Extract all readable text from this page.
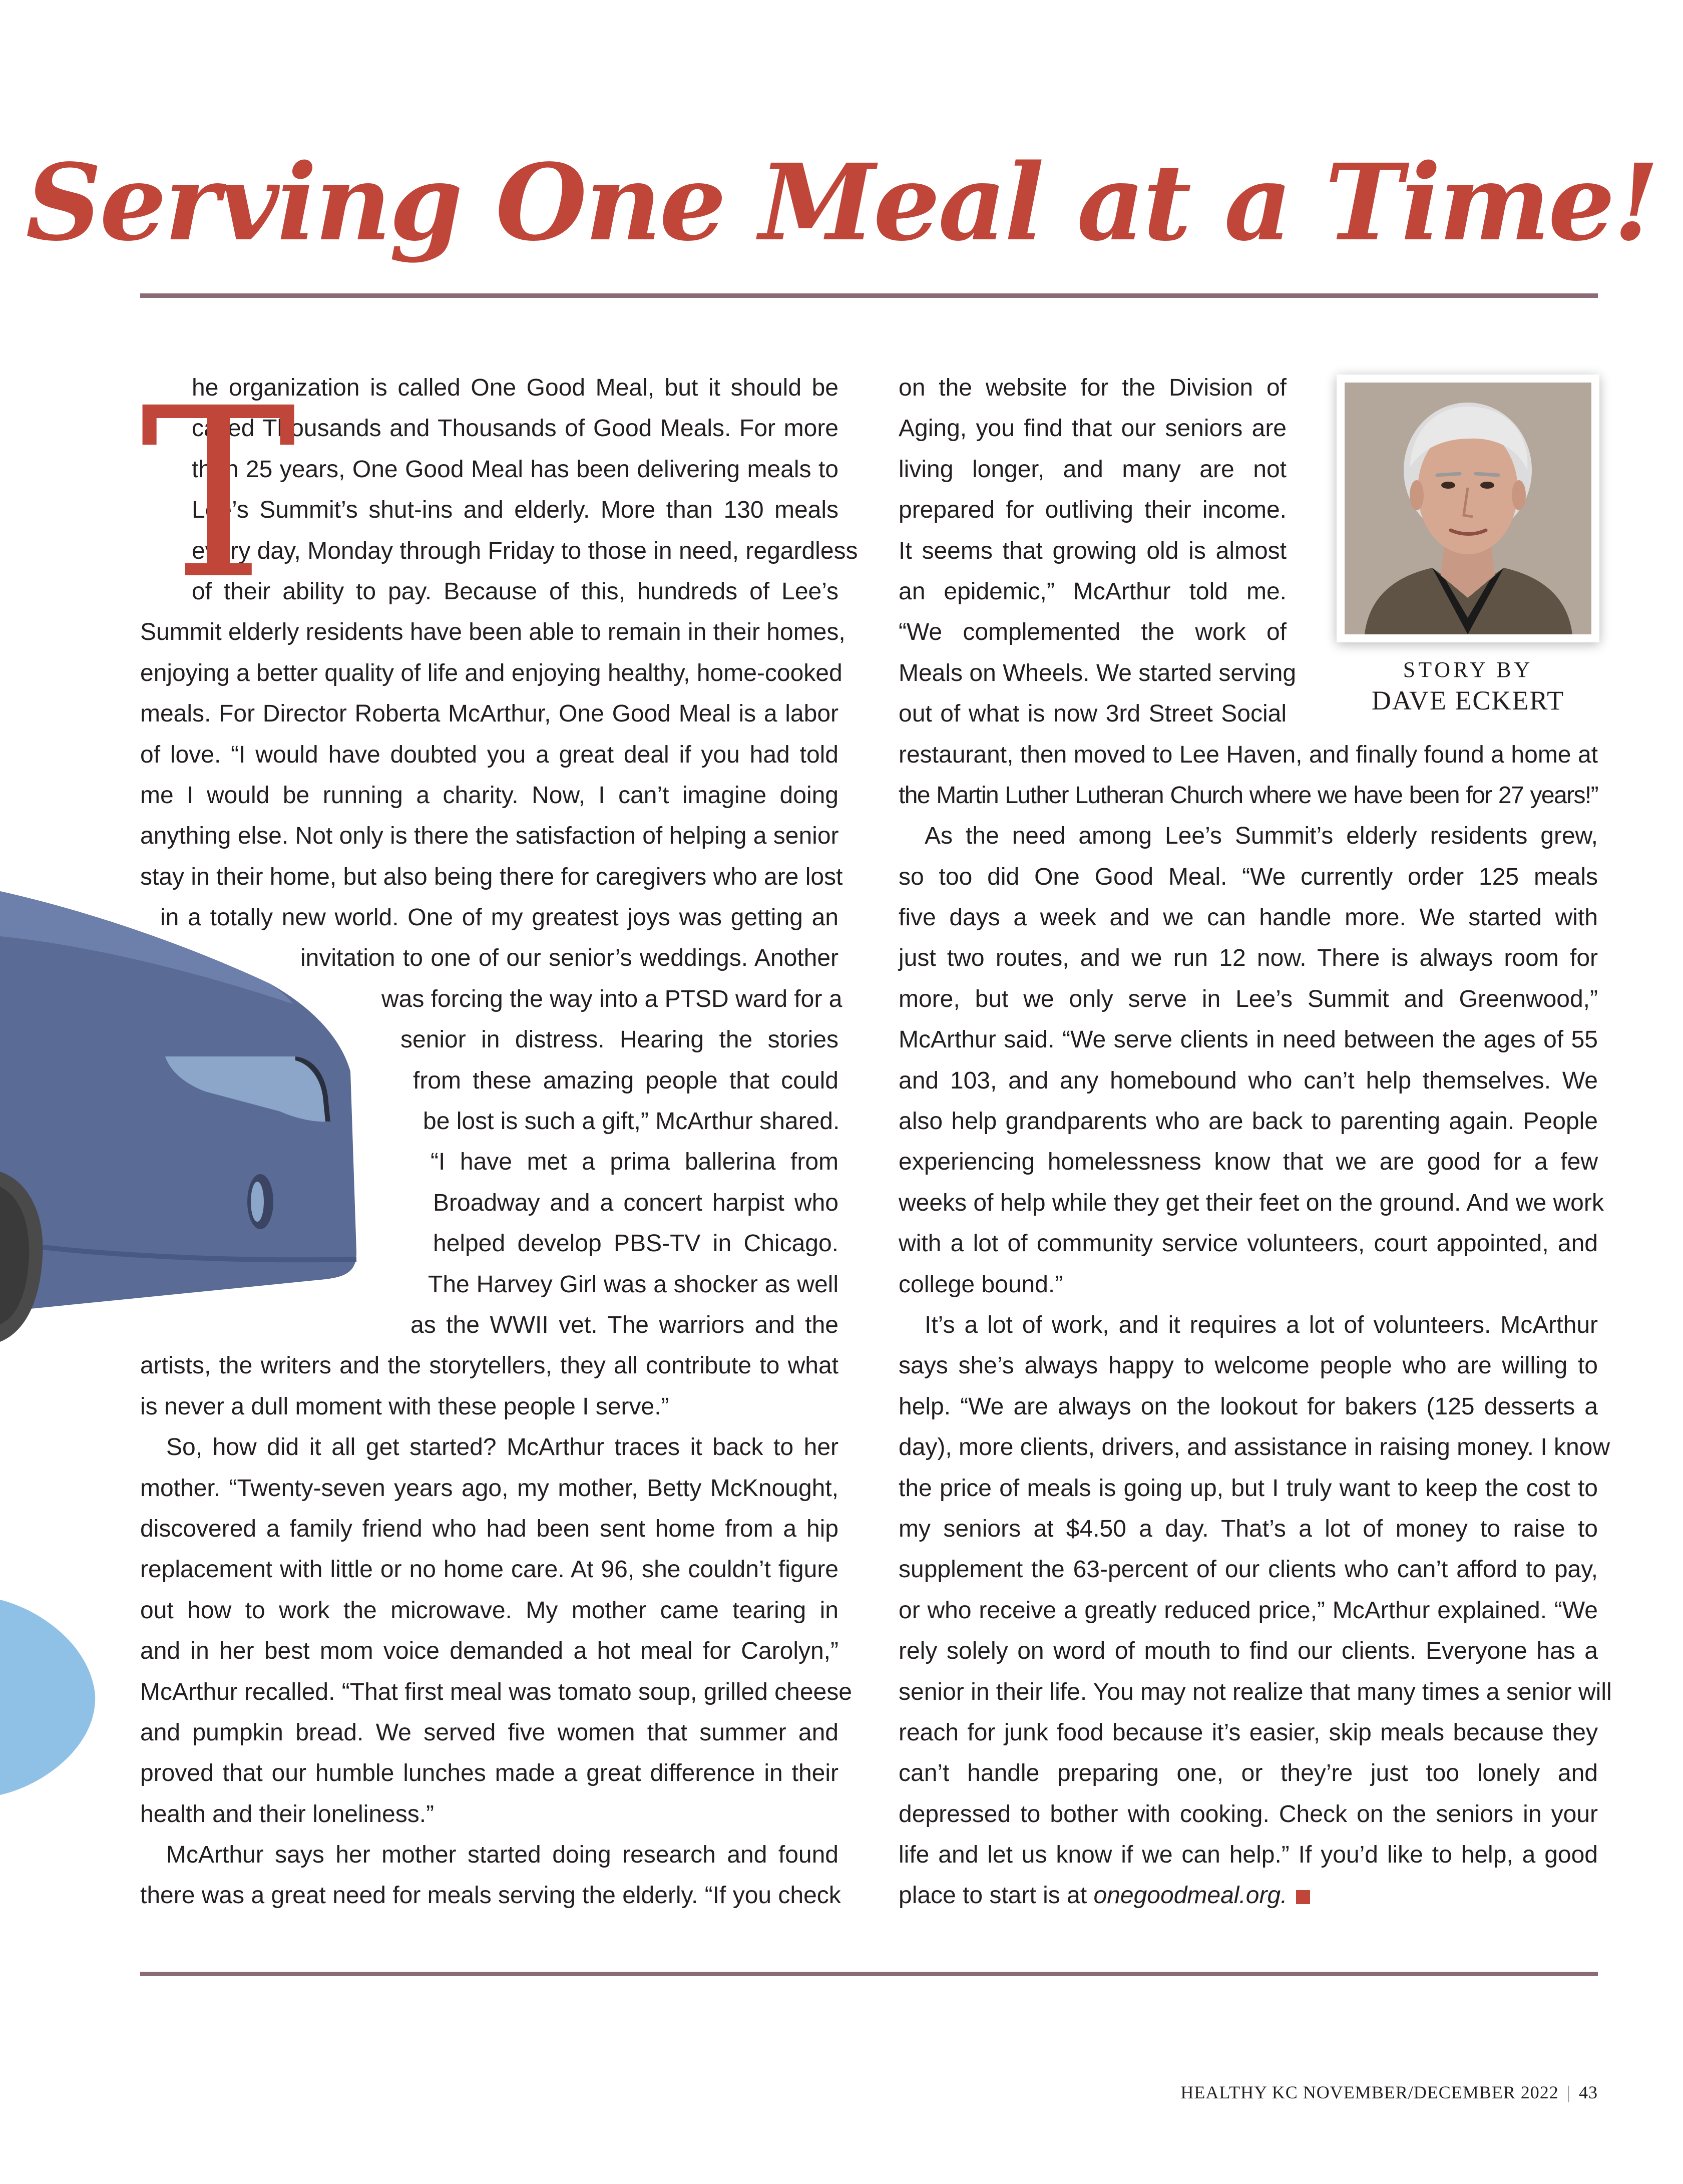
Serving One Meal at a Time!
T
he organization is called One Good Meal, but it should be
called Thousands and Thousands of Good Meals. For more
than 25 years, One Good Meal has been delivering meals to
Lee’s Summit’s shut-ins and elderly. More than 130 meals
every day, Monday through Friday to those in need, regardless
of their ability to pay. Because of this, hundreds of Lee’s
Summit elderly residents have been able to remain in their homes,
enjoying a better quality of life and enjoying healthy, home-cooked
meals. For Director Roberta McArthur, One Good Meal is a labor
of love. “I would have doubted you a great deal if you had told
me I would be running a charity. Now, I can’t imagine doing
anything else. Not only is there the satisfaction of helping a senior
stay in their home, but also being there for caregivers who are lost
in a totally new world. One of my greatest joys was getting an
invitation to one of our senior’s weddings. Another
was forcing the way into a PTSD ward for a
senior in distress. Hearing the stories
from these amazing people that could
be lost is such a gift,” McArthur shared.
“I have met a prima ballerina from
Broadway and a concert harpist who
helped develop PBS-TV in Chicago.
The Harvey Girl was a shocker as well
as the WWII vet. The warriors and the
artists, the writers and the storytellers, they all contribute to what
is never a dull moment with these people I serve.”
So, how did it all get started? McArthur traces it back to her
mother. “Twenty-seven years ago, my mother, Betty McKnought,
discovered a family friend who had been sent home from a hip
replacement with little or no home care. At 96, she couldn’t figure
out how to work the microwave. My mother came tearing in
and in her best mom voice demanded a hot meal for Carolyn,”
McArthur recalled. “That first meal was tomato soup, grilled cheese
and pumpkin bread. We served five women that summer and
proved that our humble lunches made a great difference in their
health and their loneliness.”
McArthur says her mother started doing research and found
there was a great need for meals serving the elderly. “If you check
on the website for the Division of
Aging, you find that our seniors are
living longer, and many are not
prepared for outliving their income.
It seems that growing old is almost
an epidemic,” McArthur told me.
“We complemented the work of
Meals on Wheels. We started serving
out of what is now 3rd Street Social
restaurant, then moved to Lee Haven, and finally found a home at
the Martin Luther Lutheran Church where we have been for 27 years!”
As the need among Lee’s Summit’s elderly residents grew,
so too did One Good Meal. “We currently order 125 meals
five days a week and we can handle more. We started with
just two routes, and we run 12 now. There is always room for
more, but we only serve in Lee’s Summit and Greenwood,”
McArthur said. “We serve clients in need between the ages of 55
and 103, and any homebound who can’t help themselves. We
also help grandparents who are back to parenting again. People
experiencing homelessness know that we are good for a few
weeks of help while they get their feet on the ground. And we work
with a lot of community service volunteers, court appointed, and
college bound.”
It’s a lot of work, and it requires a lot of volunteers. McArthur
says she’s always happy to welcome people who are willing to
help. “We are always on the lookout for bakers (125 desserts a
day), more clients, drivers, and assistance in raising money. I know
the price of meals is going up, but I truly want to keep the cost to
my seniors at $4.50 a day. That’s a lot of money to raise to
supplement the 63-percent of our clients who can’t afford to pay,
or who receive a greatly reduced price,” McArthur explained. “We
rely solely on word of mouth to find our clients. Everyone has a
senior in their life. You may not realize that many times a senior will
reach for junk food because it’s easier, skip meals because they
can’t handle preparing one, or they’re just too lonely and
depressed to bother with cooking. Check on the seniors in your
life and let us know if we can help.” If you’d like to help, a good
place to start is at onegoodmeal.org.
STORY BY
DAVE ECKERT
HEALTHY KC NOVEMBER/DECEMBER 2022 | 43
